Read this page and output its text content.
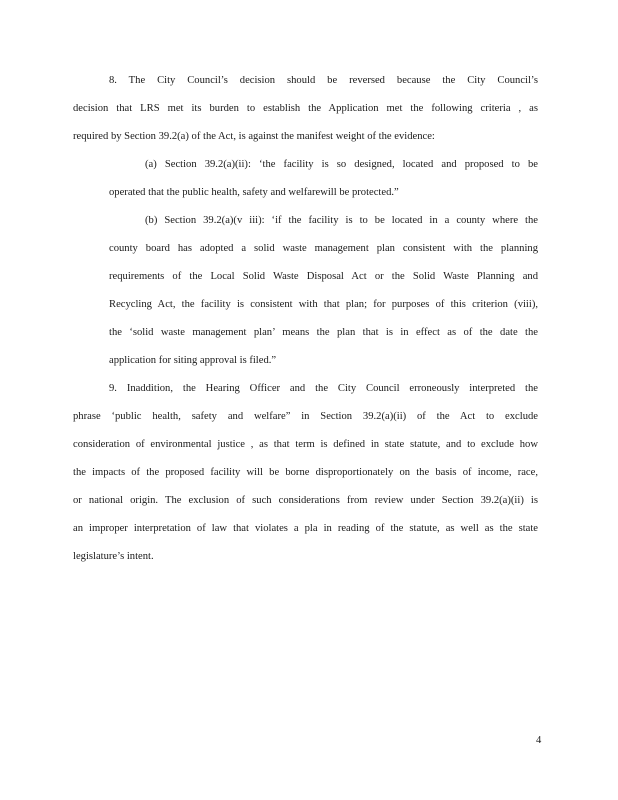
8. The City Council’s decision should be reversed because the City Council’s
decision that LRS met its burden to establish the Application met the following criteria , as
required by Section 39.2(a) of the Act, is against the manifest weight of the evidence:
(a) Section 39.2(a)(ii): ‘the facility is so designed, located and proposed to be
operated that the public health, safety and welfarewill be protected.”
(b) Section 39.2(a)(v iii): ‘if the facility is to be located in a county where the
county board has adopted a solid waste management plan consistent with the planning
requirements of the Local Solid Waste Disposal Act or the Solid Waste Planning and
Recycling Act, the facility is consistent with that plan; for purposes of this criterion (viii),
the ‘solid waste management plan’ means the plan that is in effect as of the date the
application for siting approval is filed.”
9. Inaddition, the Hearing Officer and the City Council erroneously interpreted the
phrase ‘public health, safety and welfare” in Section 39.2(a)(ii) of the Act to exclude
consideration of environmental justice , as that term is defined in state statute, and to exclude how
the impacts of the proposed facility will be borne disproportionately on the basis of income, race,
or national origin. The exclusion of such considerations from review under Section 39.2(a)(ii) is
an improper interpretation of law that violates a pla in reading of the statute, as well as the state
legislature’s intent.
4
